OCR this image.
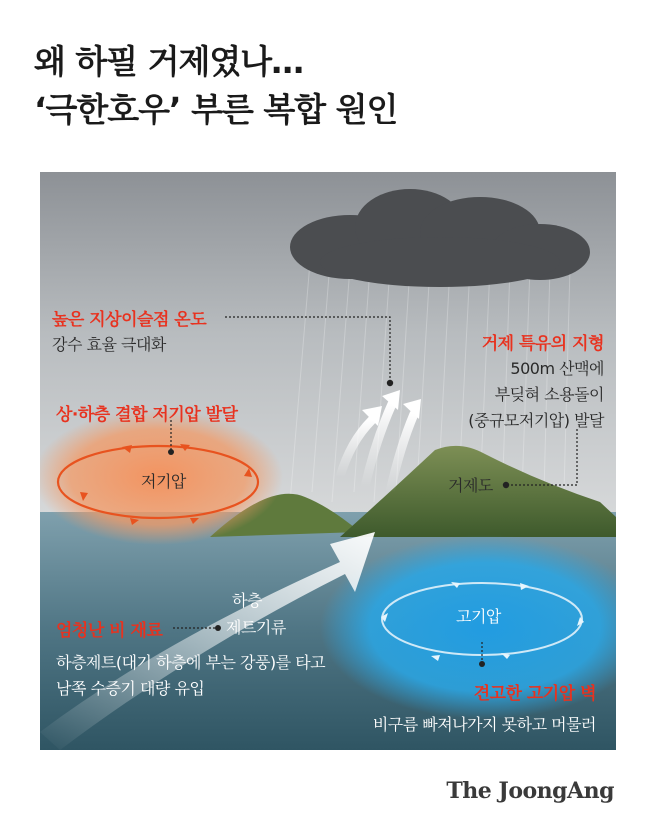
왜 하필 거제였나…
‘극한호우’ 부른 복합 원인
높은 지상이슬점 온도
강수 효율 극대화	거제 특유의 지형
500m 산맥에
부딪혀 소용돌이
(중규모저기압) 발달
상·하층 결합 저기압 발달
저기압	거제도
하층
제트기류
엄청난 비 재료
하층제트(대기 하층에 부는 강풍)를 타고
남쪽 수증기 대량 유입
고기압
견고한 고기압 벽
비구름 빠져나가지 못하고 머물러
The JoongAng
